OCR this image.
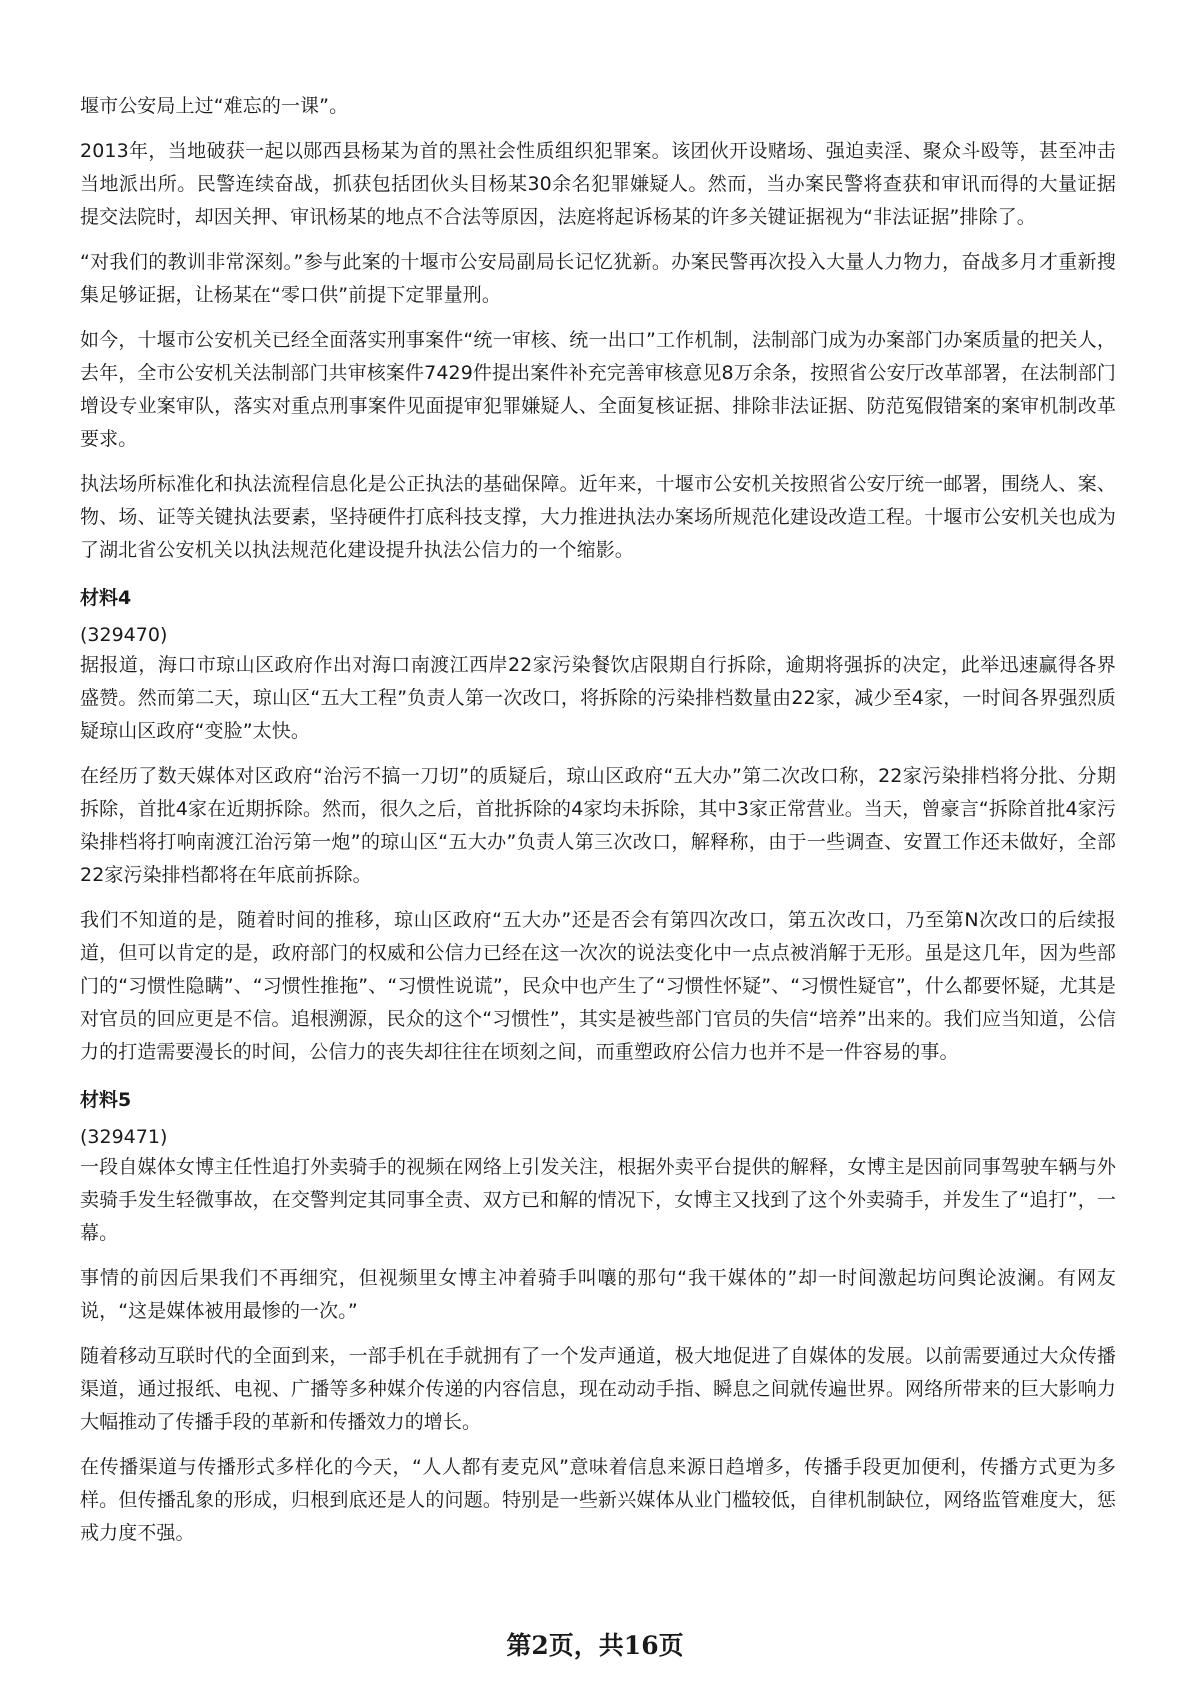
堰市公安局上过“难忘的一课”。

2013年，当地破获一起以郧西县杨某为首的黑社会性质组织犯罪案。该团伙开设赌场、强迫卖淫、聚众斗殴等，甚至冲击当地派出所。民警连续奋战，抓获包括团伙头目杨某30余名犯罪嫌疑人。然而，当办案民警将查获和审讯而得的大量证据提交法院时，却因关押、审讯杨某的地点不合法等原因，法庭将起诉杨某的许多关键证据视为“非法证据”排除了。

“对我们的教训非常深刻。”参与此案的十堰市公安局副局长记忆犹新。办案民警再次投入大量人力物力，奋战多月才重新搜集足够证据，让杨某在“零口供”前提下定罪量刑。

如今，十堰市公安机关已经全面落实刑事案件“统一审核、统一出口”工作机制，法制部门成为办案部门办案质量的把关人，去年，全市公安机关法制部门共审核案件7429件提出案件补充完善审核意见8万余条，按照省公安厅改革部署，在法制部门增设专业案审队，落实对重点刑事案件见面提审犯罪嫌疑人、全面复核证据、排除非法证据、防范冤假错案的案审机制改革要求。

执法场所标准化和执法流程信息化是公正执法的基础保障。近年来，十堰市公安机关按照省公安厅统一邮署，围绕人、案、物、场、证等关键执法要素，坚持硬件打底科技支撑，大力推进执法办案场所规范化建设改造工程。十堰市公安机关也成为了湖北省公安机关以执法规范化建设提升执法公信力的一个缩影。

材料4
(329470)

据报道，海口市琼山区政府作出对海口南渡江西岸22家污染餐饮店限期自行拆除，逾期将强拆的决定，此举迅速赢得各界盛赞。然而第二天，琼山区“五大工程”负责人第一次改口，将拆除的污染排档数量由22家，减少至4家，一时间各界强烈质疑琼山区政府“变脸”太快。

在经历了数天媒体对区政府“治污不搞一刀切”的质疑后，琼山区政府“五大办”第二次改口称，22家污染排档将分批、分期拆除，首批4家在近期拆除。然而，很久之后，首批拆除的4家均未拆除，其中3家正常营业。当天，曾豪言“拆除首批4家污染排档将打响南渡江治污第一炮”的琼山区“五大办”负责人第三次改口，解释称，由于一些调查、安置工作还未做好，全部22家污染排档都将在年底前拆除。

我们不知道的是，随着时间的推移，琼山区政府“五大办”还是否会有第四次改口，第五次改口，乃至第N次改口的后续报道，但可以肯定的是，政府部门的权威和公信力已经在这一次次的说法变化中一点点被消解于无形。虽是这几年，因为些部门的“习惯性隐瞒”、“习惯性推拖”、“习惯性说谎”，民众中也产生了“习惯性怀疑”、“习惯性疑官”，什么都要怀疑，尤其是对官员的回应更是不信。追根溯源，民众的这个“习惯性”，其实是被些部门官员的失信“培养”出来的。我们应当知道，公信力的打造需要漫长的时间，公信力的丧失却往往在顷刻之间，而重塑政府公信力也并不是一件容易的事。

材料5
(329471)

一段自媒体女博主任性追打外卖骑手的视频在网络上引发关注，根据外卖平台提供的解释，女博主是因前同事驾驶车辆与外卖骑手发生轻微事故，在交警判定其同事全责、双方已和解的情况下，女博主又找到了这个外卖骑手，并发生了“追打”，一幕。

事情的前因后果我们不再细究，但视频里女博主冲着骑手叫嚷的那句“我干媒体的”却一时间激起坊问舆论波澜。有网友说，“这是媒体被用最惨的一次。”

随着移动互联时代的全面到来，一部手机在手就拥有了一个发声通道，极大地促进了自媒体的发展。以前需要通过大众传播渠道，通过报纸、电视、广播等多种媒介传递的内容信息，现在动动手指、瞬息之间就传遍世界。网络所带来的巨大影响力大幅推动了传播手段的革新和传播效力的增长。

在传播渠道与传播形式多样化的今天，“人人都有麦克风”意味着信息来源日趋增多，传播手段更加便利，传播方式更为多样。但传播乱象的形成，归根到底还是人的问题。特别是一些新兴媒体从业门槛较低，自律机制缺位，网络监管难度大，惩戒力度不强。

第2页，共16页
